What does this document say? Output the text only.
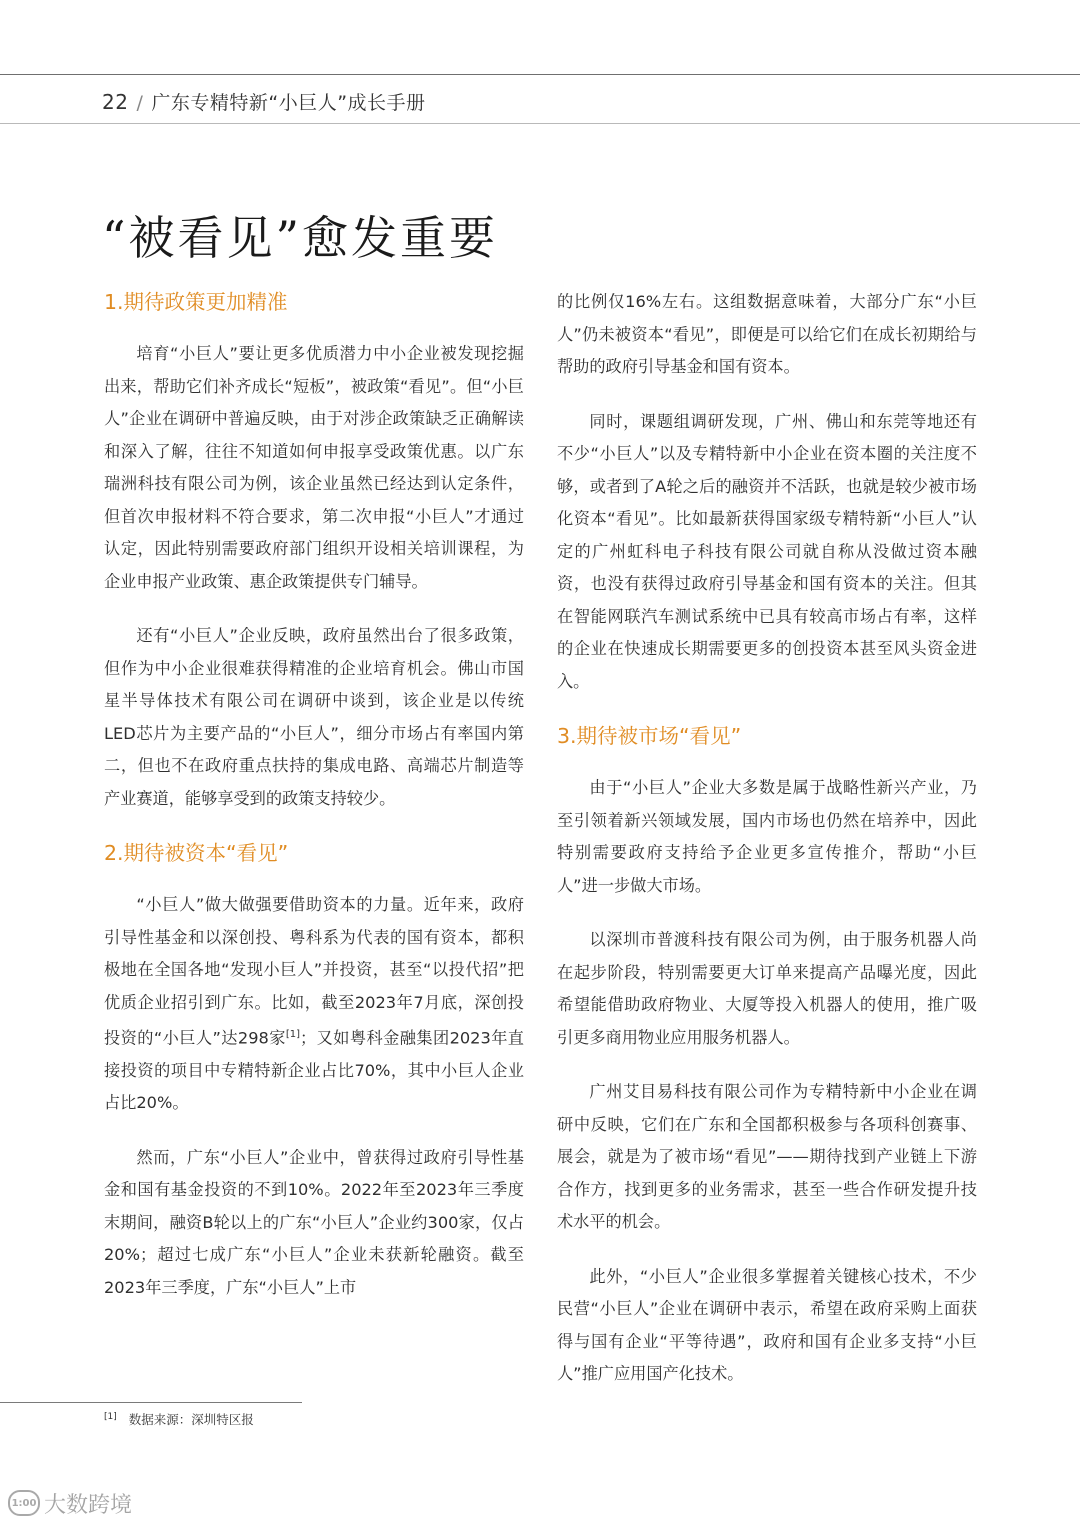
22 / 广东专精特新“小巨人”成长手册
“被看见”愈发重要
1.期待政策更加精准

培育“小巨人”要让更多优质潜力中小企业被发现挖掘出来，帮助它们补齐成长“短板”，被政策“看见”。但“小巨人”企业在调研中普遍反映，由于对涉企政策缺乏正确解读和深入了解，往往不知道如何申报享受政策优惠。以广东瑞洲科技有限公司为例，该企业虽然已经达到认定条件，但首次申报材料不符合要求，第二次申报“小巨人”才通过认定，因此特别需要政府部门组织开设相关培训课程，为企业申报产业政策、惠企政策提供专门辅导。

还有“小巨人”企业反映，政府虽然出台了很多政策，但作为中小企业很难获得精准的企业培育机会。佛山市国星半导体技术有限公司在调研中谈到，该企业是以传统LED芯片为主要产品的“小巨人”，细分市场占有率国内第二，但也不在政府重点扶持的集成电路、高端芯片制造等产业赛道，能够享受到的政策支持较少。

2.期待被资本“看见”

“小巨人”做大做强要借助资本的力量。近年来，政府引导性基金和以深创投、粤科系为代表的国有资本，都积极地在全国各地“发现小巨人”并投资，甚至“以投代招”把优质企业招引到广东。比如，截至2023年7月底，深创投投资的“小巨人”达298家[1]；又如粤科金融集团2023年直接投资的项目中专精特新企业占比70%，其中小巨人企业占比20%。

然而，广东“小巨人”企业中，曾获得过政府引导性基金和国有基金投资的不到10%。2022年至2023年三季度末期间，融资B轮以上的广东“小巨人”企业约300家，仅占20%；超过七成广东“小巨人”企业未获新轮融资。截至2023年三季度，广东“小巨人”上市

的比例仅16%左右。这组数据意味着，大部分广东“小巨人”仍未被资本“看见”，即便是可以给它们在成长初期给与帮助的政府引导基金和国有资本。

同时，课题组调研发现，广州、佛山和东莞等地还有不少“小巨人”以及专精特新中小企业在资本圈的关注度不够，或者到了A轮之后的融资并不活跃，也就是较少被市场化资本“看见”。比如最新获得国家级专精特新“小巨人”认定的广州虹科电子科技有限公司就自称从没做过资本融资，也没有获得过政府引导基金和国有资本的关注。但其在智能网联汽车测试系统中已具有较高市场占有率，这样的企业在快速成长期需要更多的创投资本甚至风头资金进入。

3.期待被市场“看见”

由于“小巨人”企业大多数是属于战略性新兴产业，乃至引领着新兴领域发展，国内市场也仍然在培养中，因此特别需要政府支持给予企业更多宣传推介，帮助“小巨人”进一步做大市场。

以深圳市普渡科技有限公司为例，由于服务机器人尚在起步阶段，特别需要更大订单来提高产品曝光度，因此希望能借助政府物业、大厦等投入机器人的使用，推广吸引更多商用物业应用服务机器人。

广州艾目易科技有限公司作为专精特新中小企业在调研中反映，它们在广东和全国都积极参与各项科创赛事、展会，就是为了被市场“看见”——期待找到产业链上下游合作方，找到更多的业务需求，甚至一些合作研发提升技术水平的机会。

此外，“小巨人”企业很多掌握着关键核心技术，不少民营“小巨人”企业在调研中表示，希望在政府采购上面获得与国有企业“平等待遇”，政府和国有企业多支持“小巨人”推广应用国产化技术。

[1] 数据来源：深圳特区报
1:00 大数跨境
